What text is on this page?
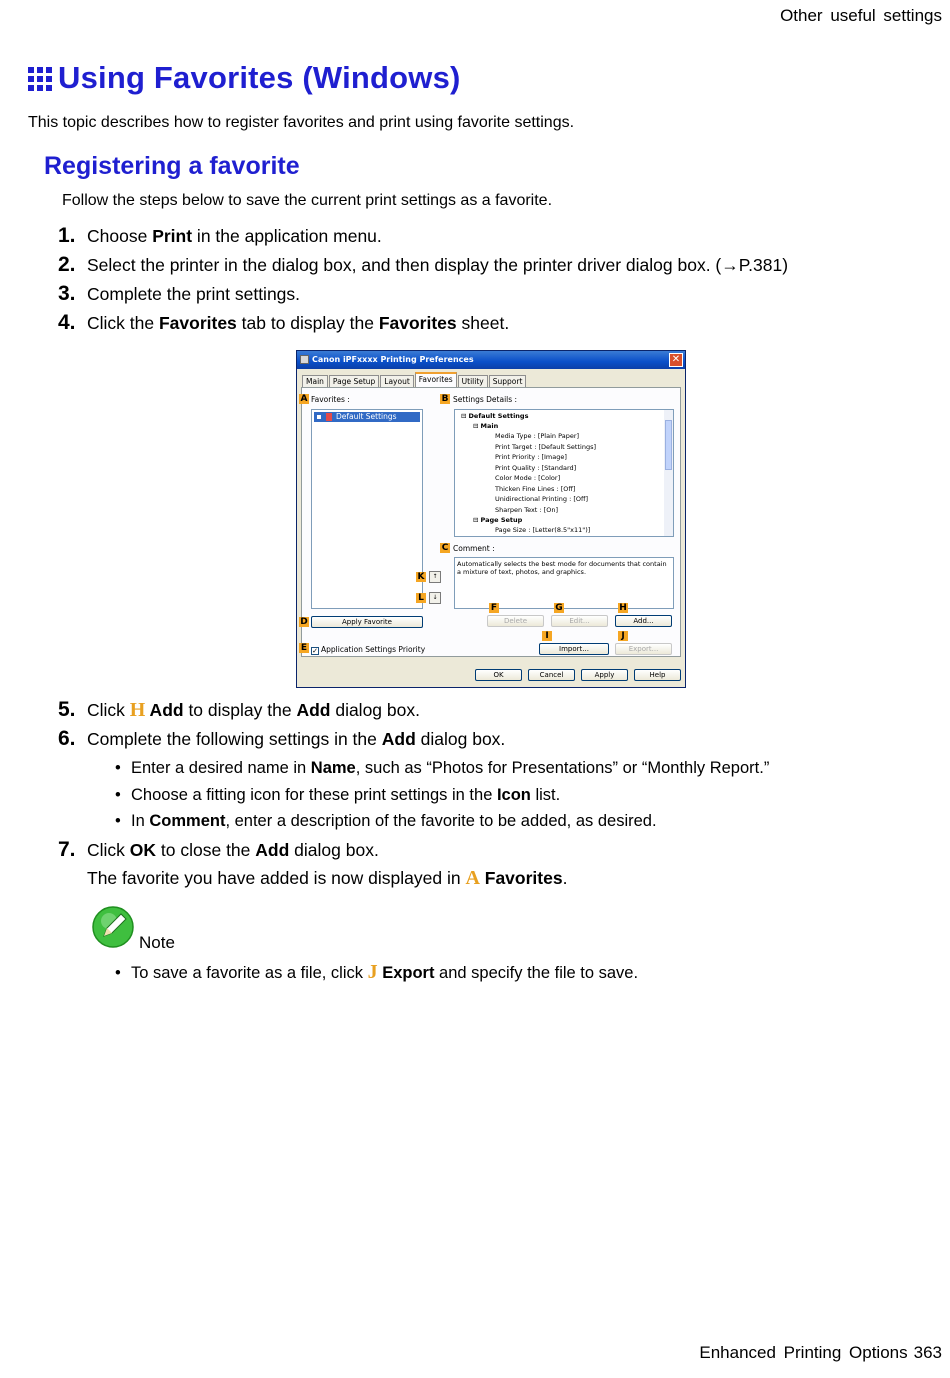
Other useful settings
Using Favorites (Windows)
This topic describes how to register favorites and print using favorite settings.
Registering a favorite
Follow the steps below to save the current print settings as a favorite.
1. Choose Print in the application menu.
2. Select the printer in the dialog box, and then display the printer driver dialog box. (→P.381)
3. Complete the print settings.
4. Click the Favorites tab to display the Favorites sheet.
Canon iPFxxxx Printing Preferences	✕
Main	Page Setup	Layout	Favorites	Utility	Support
A Favorites :	B Settings Details :
Default Settings	⊟ Default Settings
⊟ Main
Media Type : [Plain Paper]
Print Target : [Default Settings]
Print Priority : [Image]
Print Quality : [Standard]
Color Mode : [Color]
Thicken Fine Lines : [Off]
Unidirectional Printing : [Off]
Sharpen Text : [On]
⊟ Page Setup
Page Size : [Letter(8.5"x11")]
C Comment :
Automatically selects the best mode for documents that contain a mixture of text, photos, and graphics.
K	↑
L	↓
F	G	H
D	Apply Favorite	Delete	Edit...	Add...
I	J
E ✓ Application Settings Priority	Import...	Export...
OK	Cancel	Apply	Help
5. Click H Add to display the Add dialog box.
6. Complete the following settings in the Add dialog box.
• Enter a desired name in Name, such as “Photos for Presentations” or “Monthly Report.”
• Choose a fitting icon for these print settings in the Icon list.
• In Comment, enter a description of the favorite to be added, as desired.
7. Click OK to close the Add dialog box.
The favorite you have added is now displayed in A Favorites.
Note
• To save a favorite as a file, click J Export and specify the file to save.
Enhanced Printing Options 363
